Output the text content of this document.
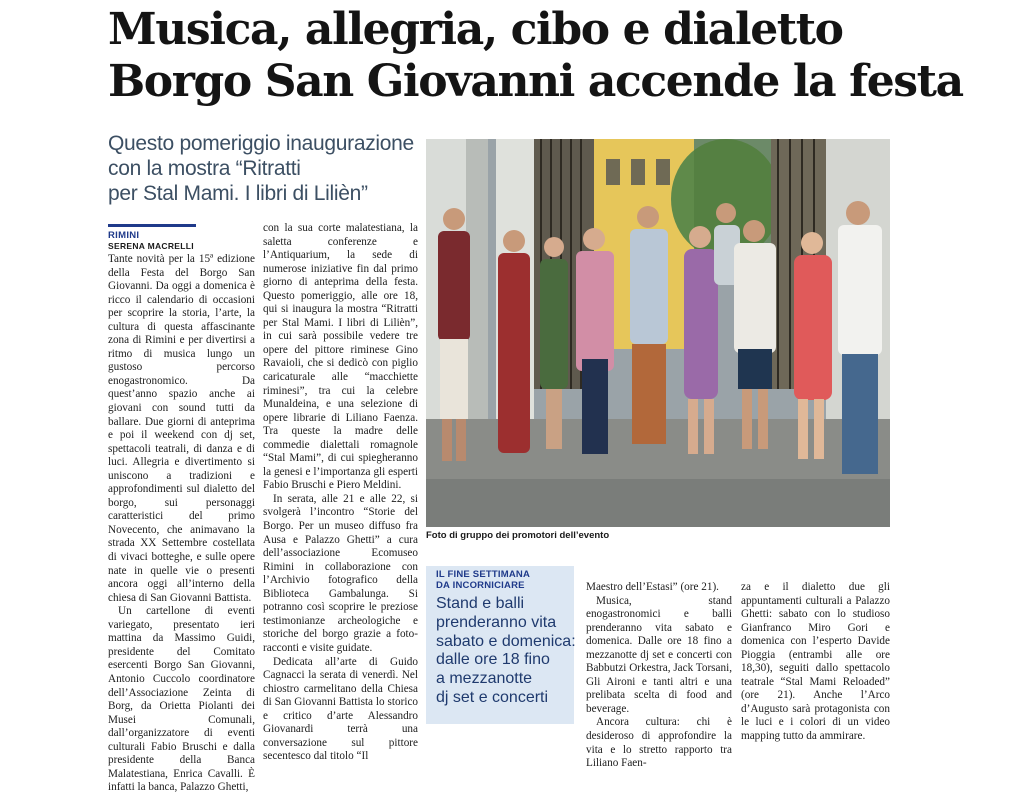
Musica, allegria, cibo e dialetto
Borgo San Giovanni accende la festa
Questo pomeriggio inaugurazione
con la mostra “Ritratti
per Stal Mami. I libri di Lilièn”
RIMINI
SERENA MACRELLI

Tante novità per la 15ª edizione della Festa del Borgo San Giovanni. Da oggi a domenica è ricco il calendario di occasioni per scoprire la storia, l’arte, la cultura di questa affascinante zona di Rimini e per divertirsi a ritmo di musica lungo un gustoso percorso enogastronomico. Da quest’anno spazio anche ai giovani con sound tutti da ballare. Due giorni di anteprima e poi il weekend con dj set, spettacoli teatrali, di danza e di luci. Allegria e divertimento si uniscono a tradizioni e approfondimenti sul dialetto del borgo, sui personaggi caratteristici del primo Novecento, che animavano la strada XX Settembre costellata di vivaci botteghe, e sulle opere nate in quelle vie o presenti ancora oggi all’interno della chiesa di San Giovanni Battista.

Un cartellone di eventi variegato, presentato ieri mattina da Massimo Guidi, presidente del Comitato esercenti Borgo San Giovanni, Antonio Cuccolo coordinatore dell’Associazione Zeinta di Borg, da Orietta Piolanti dei Musei Comunali, dall’organizzatore di eventi culturali Fabio Bruschi e dalla presidente della Banca Malatestiana, Enrica Cavalli. È infatti la banca, Palazzo Ghetti,

con la sua corte malatestiana, la saletta conferenze e l’Antiquarium, la sede di numerose iniziative fin dal primo giorno di anteprima della festa. Questo pomeriggio, alle ore 18, qui si inaugura la mostra “Ritratti per Stal Mami. I libri di Lilièn”, in cui sarà possibile vedere tre opere del pittore riminese Gino Ravaioli, che si dedicò con piglio caricaturale alle “macchiette riminesi”, tra cui la celebre Munaldeina, e una selezione di opere librarie di Liliano Faenza. Tra queste la madre delle commedie dialettali romagnole “Stal Mami”, di cui spiegheranno la genesi e l’importanza gli esperti Fabio Bruschi e Piero Meldini.

In serata, alle 21 e alle 22, si svolgerà l’incontro “Storie del Borgo. Per un museo diffuso fra Ausa e Palazzo Ghetti” a cura dell’associazione Ecomuseo Rimini in collaborazione con l’Archivio fotografico della Biblioteca Gambalunga. Si potranno così scoprire le preziose testimonianze archeologiche e storiche del borgo grazie a foto-racconti e visite guidate.

Dedicata all’arte di Guido Cagnacci la serata di venerdì. Nel chiostro carmelitano della Chiesa di San Giovanni Battista lo storico e critico d’arte Alessandro Giovanardi terrà una conversazione sul pittore secentesco dal titolo “Il

Foto di gruppo dei promotori dell’evento
IL FINE SETTIMANA
DA INCORNICIARE
Stand e balli
prenderanno vita
sabato e domenica:
dalle ore 18 fino
a mezzanotte
dj set e concerti

Maestro dell’Estasi” (ore 21).

Musica, stand enogastronomici e balli prenderanno vita sabato e domenica. Dalle ore 18 fino a mezzanotte dj set e concerti con Babbutzi Orkestra, Jack Torsani, Gli Aironi e tanti altri e una prelibata scelta di food and beverage.

Ancora cultura: chi è desideroso di approfondire la vita e lo stretto rapporto tra Liliano Faen-

za e il dialetto due gli appuntamenti culturali a Palazzo Ghetti: sabato con lo studioso Gianfranco Miro Gori e domenica con l’esperto Davide Pioggia (entrambi alle ore 18,30), seguiti dallo spettacolo teatrale “Stal Mami Reloaded” (ore 21). Anche l’Arco d’Augusto sarà protagonista con le luci e i colori di un video mapping tutto da ammirare.
